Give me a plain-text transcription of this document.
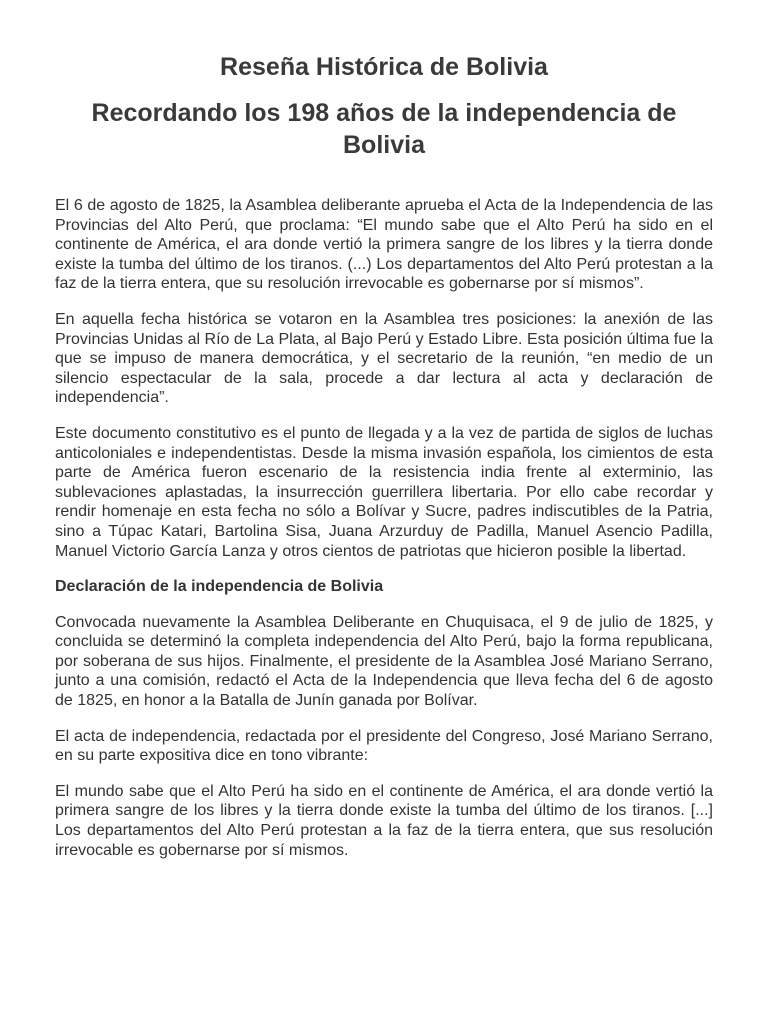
Reseña Histórica de Bolivia
Recordando los 198 años de la independencia de Bolivia

El 6 de agosto de 1825, la Asamblea deliberante aprueba el Acta de la Independencia de las Provincias del Alto Perú, que proclama: “El mundo sabe que el Alto Perú ha sido en el continente de América, el ara donde vertió la primera sangre de los libres y la tierra donde existe la tumba del último de los tiranos. (...) Los departamentos del Alto Perú protestan a la faz de la tierra entera, que su resolución irrevocable es gobernarse por sí mismos”.

En aquella fecha histórica se votaron en la Asamblea tres posiciones: la anexión de las Provincias Unidas al Río de La Plata, al Bajo Perú y Estado Libre. Esta posición última fue la que se impuso de manera democrática, y el secretario de la reunión, “en medio de un silencio espectacular de la sala, procede a dar lectura al acta y declaración de independencia”.

Este documento constitutivo es el punto de llegada y a la vez de partida de siglos de luchas anticoloniales e independentistas. Desde la misma invasión española, los cimientos de esta parte de América fueron escenario de la resistencia india frente al exterminio, las sublevaciones aplastadas, la insurrección guerrillera libertaria. Por ello cabe recordar y rendir homenaje en esta fecha no sólo a Bolívar y Sucre, padres indiscutibles de la Patria, sino a Túpac Katari, Bartolina Sisa, Juana Arzurduy de Padilla, Manuel Asencio Padilla, Manuel Victorio García Lanza y otros cientos de patriotas que hicieron posible la libertad.

Declaración de la independencia de Bolivia

Convocada nuevamente la Asamblea Deliberante en Chuquisaca, el 9 de julio de 1825, y concluida se determinó la completa independencia del Alto Perú, bajo la forma republicana, por soberana de sus hijos. Finalmente, el presidente de la Asamblea José Mariano Serrano, junto a una comisión, redactó el Acta de la Independencia que lleva fecha del 6 de agosto de 1825, en honor a la Batalla de Junín ganada por Bolívar.

El acta de independencia, redactada por el presidente del Congreso, José Mariano Serrano, en su parte expositiva dice en tono vibrante:

El mundo sabe que el Alto Perú ha sido en el continente de América, el ara donde vertió la primera sangre de los libres y la tierra donde existe la tumba del último de los tiranos. [...] Los departamentos del Alto Perú protestan a la faz de la tierra entera, que sus resolución irrevocable es gobernarse por sí mismos.
